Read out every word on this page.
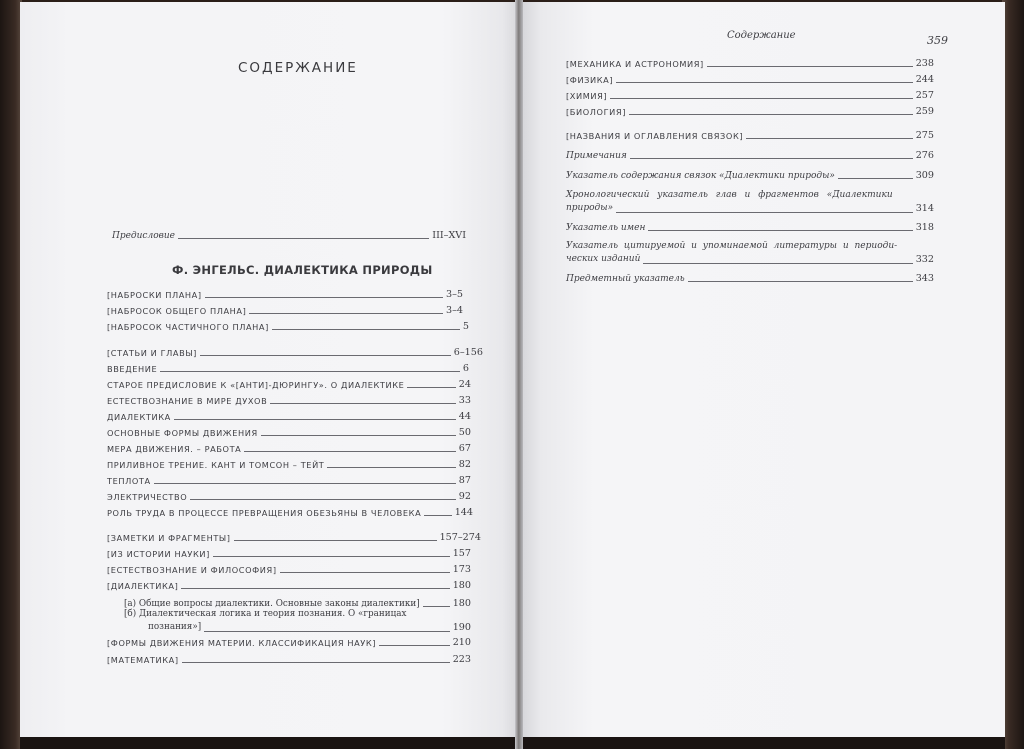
СОДЕРЖАНИЕ
Предисловие	III–XVI
Ф. ЭНГЕЛЬС. ДИАЛЕКТИКА ПРИРОДЫ
[НАБРОСКИ ПЛАНА]	3–5
[НАБРОСОК ОБЩЕГО ПЛАНА]	3–4
[НАБРОСОК ЧАСТИЧНОГО ПЛАНА]	5
[СТАТЬИ И ГЛАВЫ]	6–156
ВВЕДЕНИЕ	6
СТАРОЕ ПРЕДИСЛОВИЕ К «[АНТИ]-ДЮРИНГУ». О ДИАЛЕКТИКЕ	24
ЕСТЕСТВОЗНАНИЕ В МИРЕ ДУХОВ	33
ДИАЛЕКТИКА	44
ОСНОВНЫЕ ФОРМЫ ДВИЖЕНИЯ	50
МЕРА ДВИЖЕНИЯ. – РАБОТА	67
ПРИЛИВНОЕ ТРЕНИЕ. КАНТ И ТОМСОН – ТЕЙТ	82
ТЕПЛОТА	87
ЭЛЕКТРИЧЕСТВО	92
РОЛЬ ТРУДА В ПРОЦЕССЕ ПРЕВРАЩЕНИЯ ОБЕЗЬЯНЫ В ЧЕЛОВЕКА	144
[ЗАМЕТКИ И ФРАГМЕНТЫ]	157–274
[ИЗ ИСТОРИИ НАУКИ]	157
[ЕСТЕСТВОЗНАНИЕ И ФИЛОСОФИЯ]	173
[ДИАЛЕКТИКА]	180
[а) Общие вопросы диалектики. Основные законы диалектики]	180
[б) Диалектическая логика и теория познания. О «границах
познания»]	190
[ФОРМЫ ДВИЖЕНИЯ МАТЕРИИ. КЛАССИФИКАЦИЯ НАУК]	210
[МАТЕМАТИКА]	223
Содержание	359
[МЕХАНИКА И АСТРОНОМИЯ]	238
[ФИЗИКА]	244
[ХИМИЯ]	257
[БИОЛОГИЯ]	259
[НАЗВАНИЯ И ОГЛАВЛЕНИЯ СВЯЗОК]	275
Примечания	276
Указатель содержания связок «Диалектики природы»	309
Хронологический указатель глав и фрагментов «Диалектики
природы»	314
Указатель имен	318
Указатель цитируемой и упоминаемой литературы и периоди-
ческих изданий	332
Предметный указатель	343
